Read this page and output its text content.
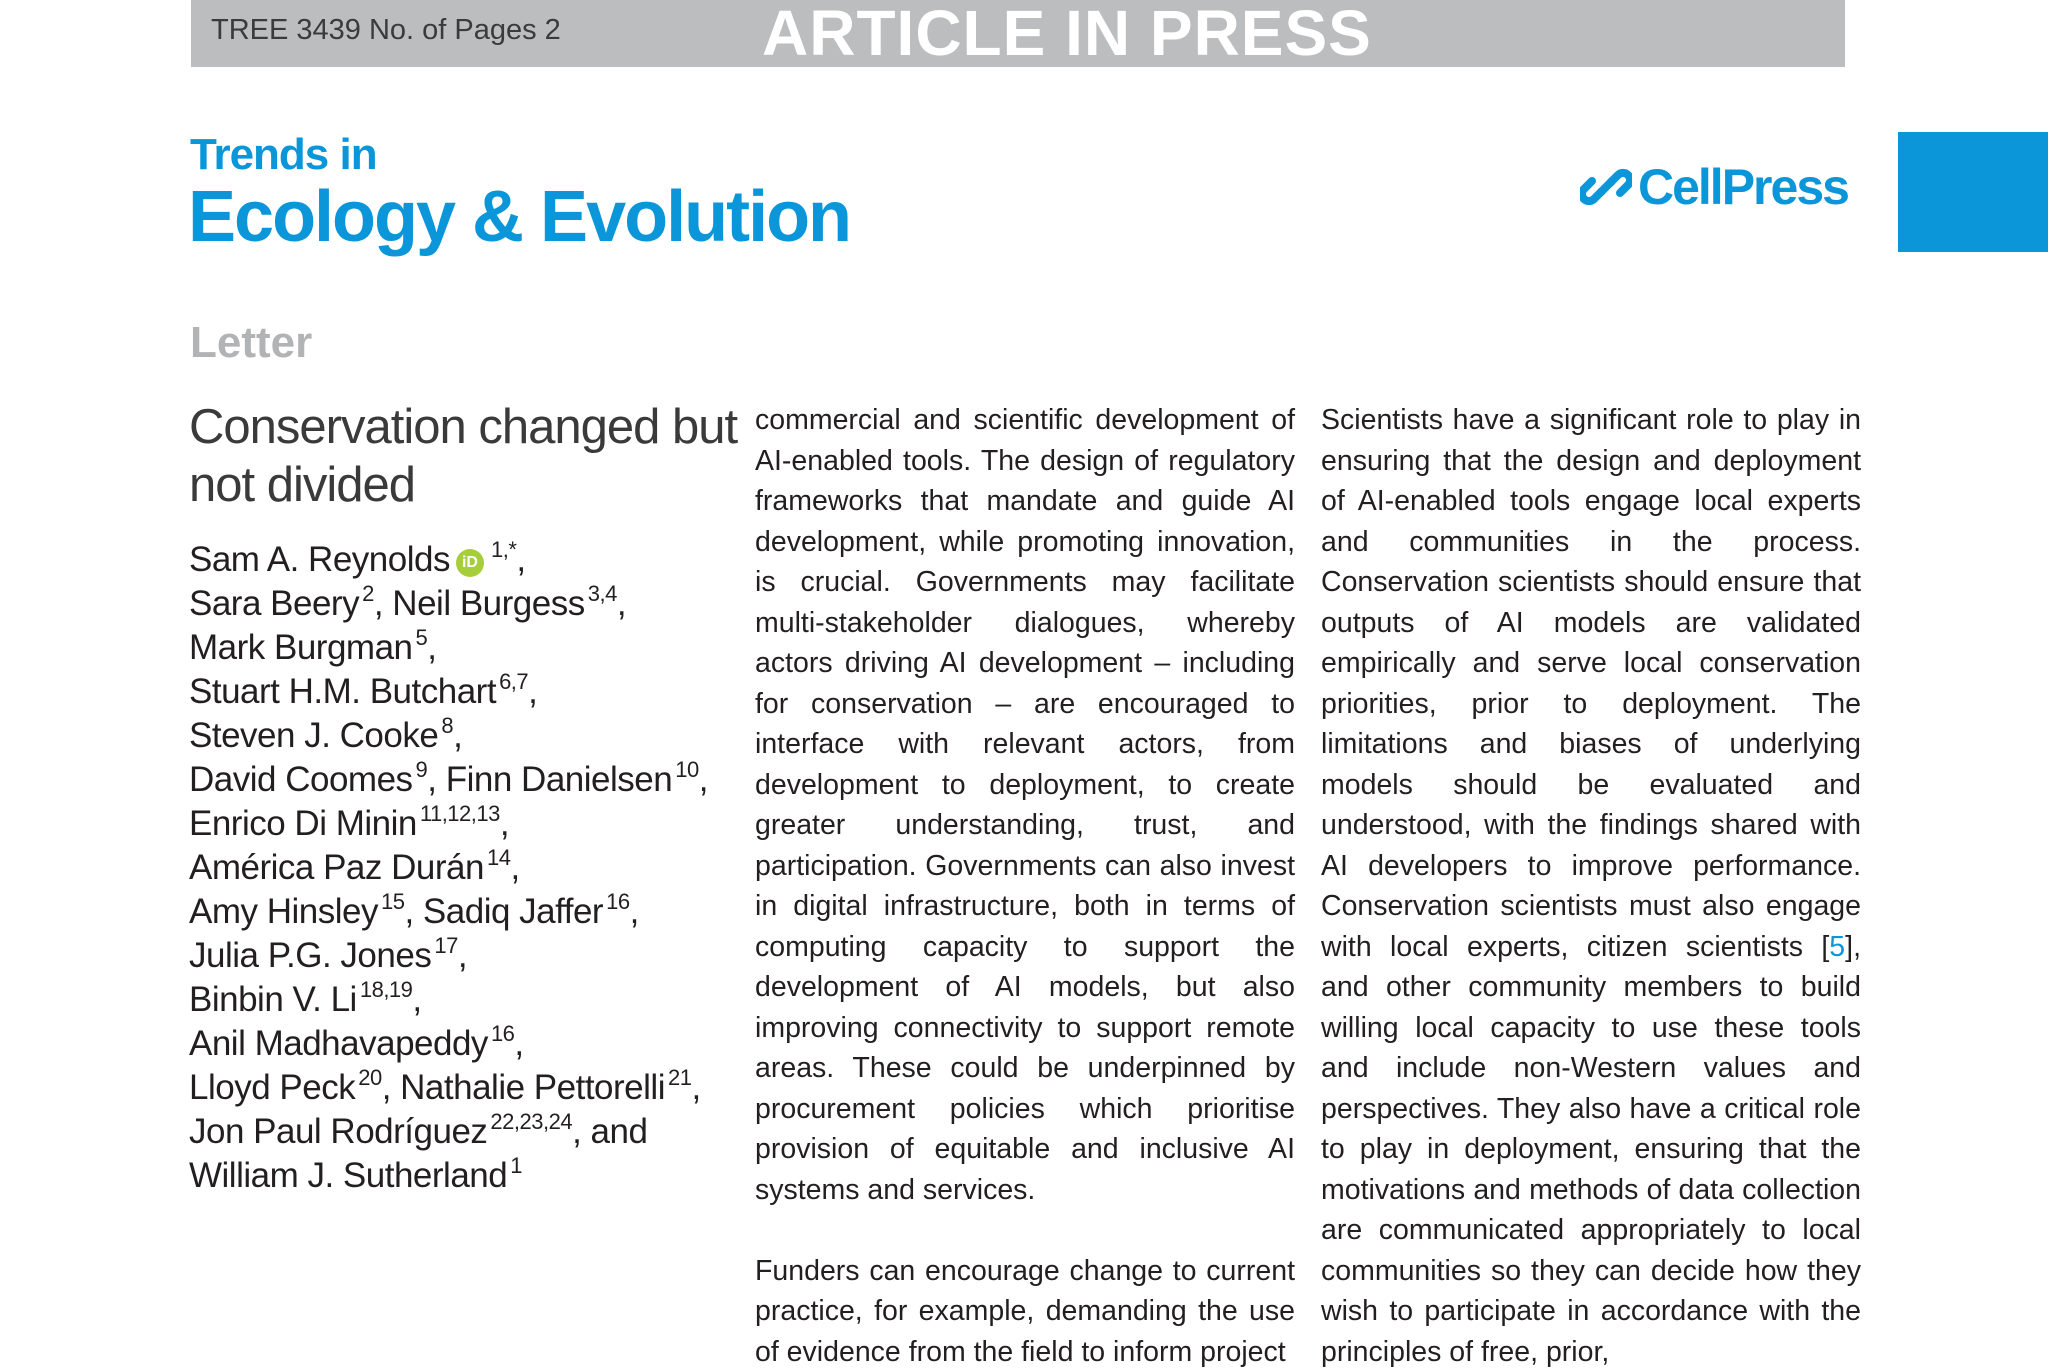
TREE 3439 No. of Pages 2	ARTICLE IN PRESS
Trends in
Ecology & Evolution	CellPress
Letter
Conservation changed but not divided
Sam A. Reynolds $iD^{1,*}$,
Sara Beery $^2$, Neil Burgess $^{3,4}$,
Mark Burgman $^5$,
Stuart H.M. Butchart $^{6,7}$,
Steven J. Cooke $^8$,
David Coomes $^9$, Finn Danielsen $^{10}$,
Enrico Di Minin $^{11,12,13}$,
América Paz Durán $^{14}$,
Amy Hinsley $^{15}$, Sadiq Jaffer $^{16}$,
Julia P.G. Jones $^{17}$,
Binbin V. Li $^{18,19}$,
Anil Madhavapeddy $^{16}$,
Lloyd Peck $^{20}$, Nathalie Pettorelli $^{21}$,
Jon Paul Rodríguez $^{22,23,24}$, and
William J. Sutherland $^1$

commercial and scientific development of AI-enabled tools. The design of regulatory frameworks that mandate and guide AI development, while promoting innovation, is crucial. Governments may facilitate multi-stakeholder dialogues, whereby actors driving AI development – including for conservation – are encouraged to interface with relevant actors, from development to deployment, to create greater understanding, trust, and participation. Governments can also invest in digital infrastructure, both in terms of computing capacity to support the development of AI models, but also improving connectivity to support remote areas. These could be underpinned by procurement policies which prioritise provision of equitable and inclusive AI systems and services.

Funders can encourage change to current practice, for example, demanding the use of evidence from the field to inform project

Scientists have a significant role to play in ensuring that the design and deployment of AI-enabled tools engage local experts and communities in the process. Conservation scientists should ensure that outputs of AI models are validated empirically and serve local conservation priorities, prior to deployment. The limitations and biases of underlying models should be evaluated and understood, with the findings shared with AI developers to improve performance. Conservation scientists must also engage with local experts, citizen scientists [5], and other community members to build willing local capacity to use these tools and include non-Western values and perspectives. They also have a critical role to play in deployment, ensuring that the motivations and methods of data collection are communicated appropriately to local communities so they can decide how they wish to participate in accordance with the principles of free, prior,
